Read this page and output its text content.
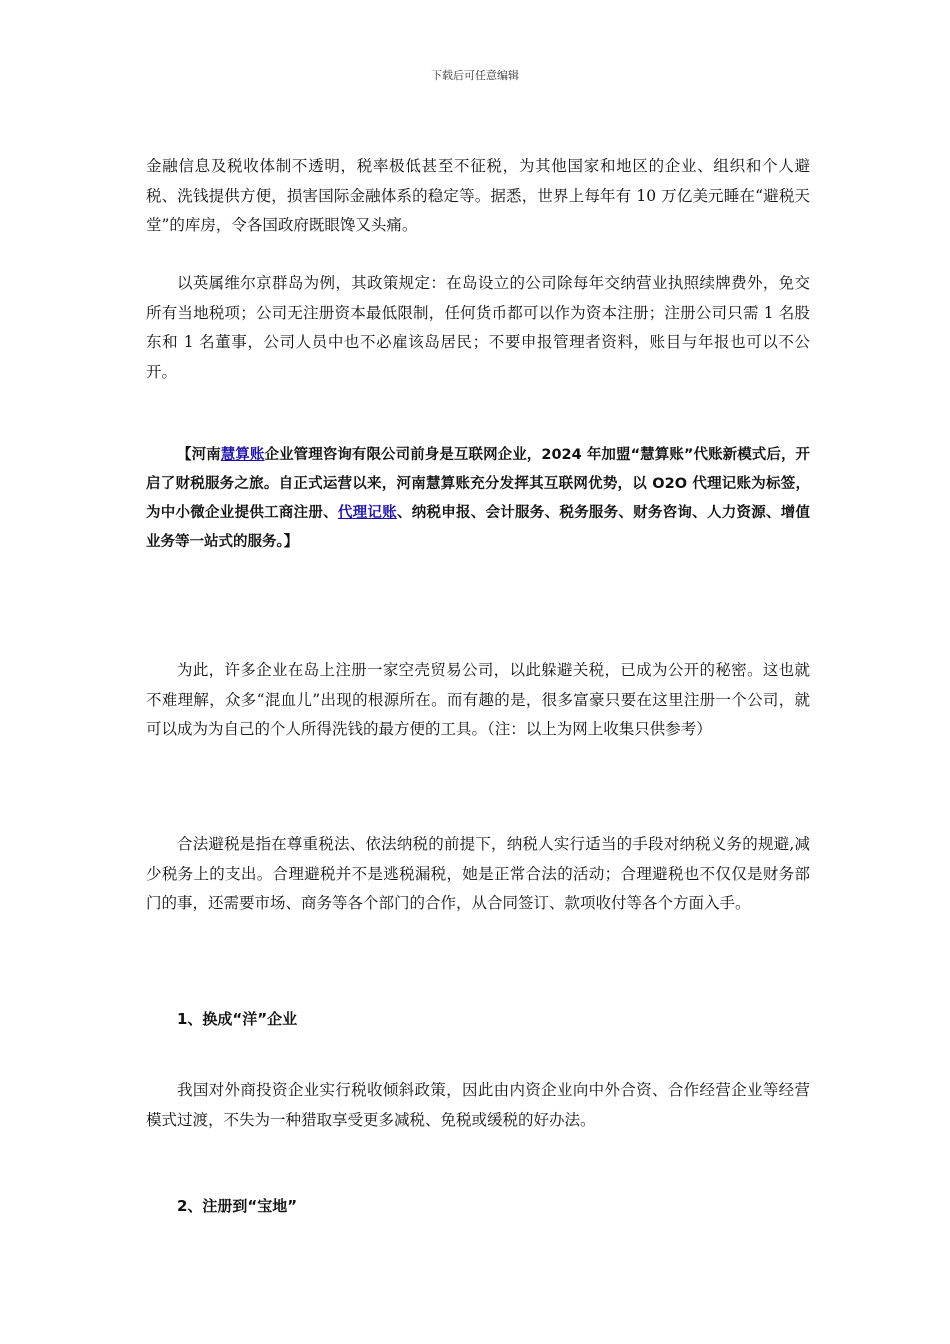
下载后可任意编辑

金融信息及税收体制不透明，税率极低甚至不征税，为其他国家和地区的企业、组织和个人避税、洗钱提供方便，损害国际金融体系的稳定等。据悉，世界上每年有 10 万亿美元睡在“避税天堂”的库房，令各国政府既眼馋又头痛。

以英属维尔京群岛为例，其政策规定：在岛设立的公司除每年交纳营业执照续牌费外，免交所有当地税项；公司无注册资本最低限制，任何货币都可以作为资本注册；注册公司只需 1 名股东和 1 名董事，公司人员中也不必雇该岛居民；不要申报管理者资料，账目与年报也可以不公开。

【河南慧算账企业管理咨询有限公司前身是互联网企业，2024 年加盟“慧算账”代账新模式后，开启了财税服务之旅。自正式运营以来，河南慧算账充分发挥其互联网优势，以 O2O 代理记账为标签，为中小微企业提供工商注册、代理记账、纳税申报、会计服务、税务服务、财务咨询、人力资源、增值业务等一站式的服务。】

为此，许多企业在岛上注册一家空壳贸易公司，以此躲避关税，已成为公开的秘密。这也就不难理解，众多“混血儿”出现的根源所在。而有趣的是，很多富豪只要在这里注册一个公司，就可以成为为自己的个人所得洗钱的最方便的工具。（注：以上为网上收集只供参考）

合法避税是指在尊重税法、依法纳税的前提下，纳税人实行适当的手段对纳税义务的规避,减少税务上的支出。合理避税并不是逃税漏税，她是正常合法的活动；合理避税也不仅仅是财务部门的事，还需要市场、商务等各个部门的合作，从合同签订、款项收付等各个方面入手。

1、换成“洋”企业

我国对外商投资企业实行税收倾斜政策，因此由内资企业向中外合资、合作经营企业等经营模式过渡，不失为一种猎取享受更多减税、免税或缓税的好办法。

2、注册到“宝地”
